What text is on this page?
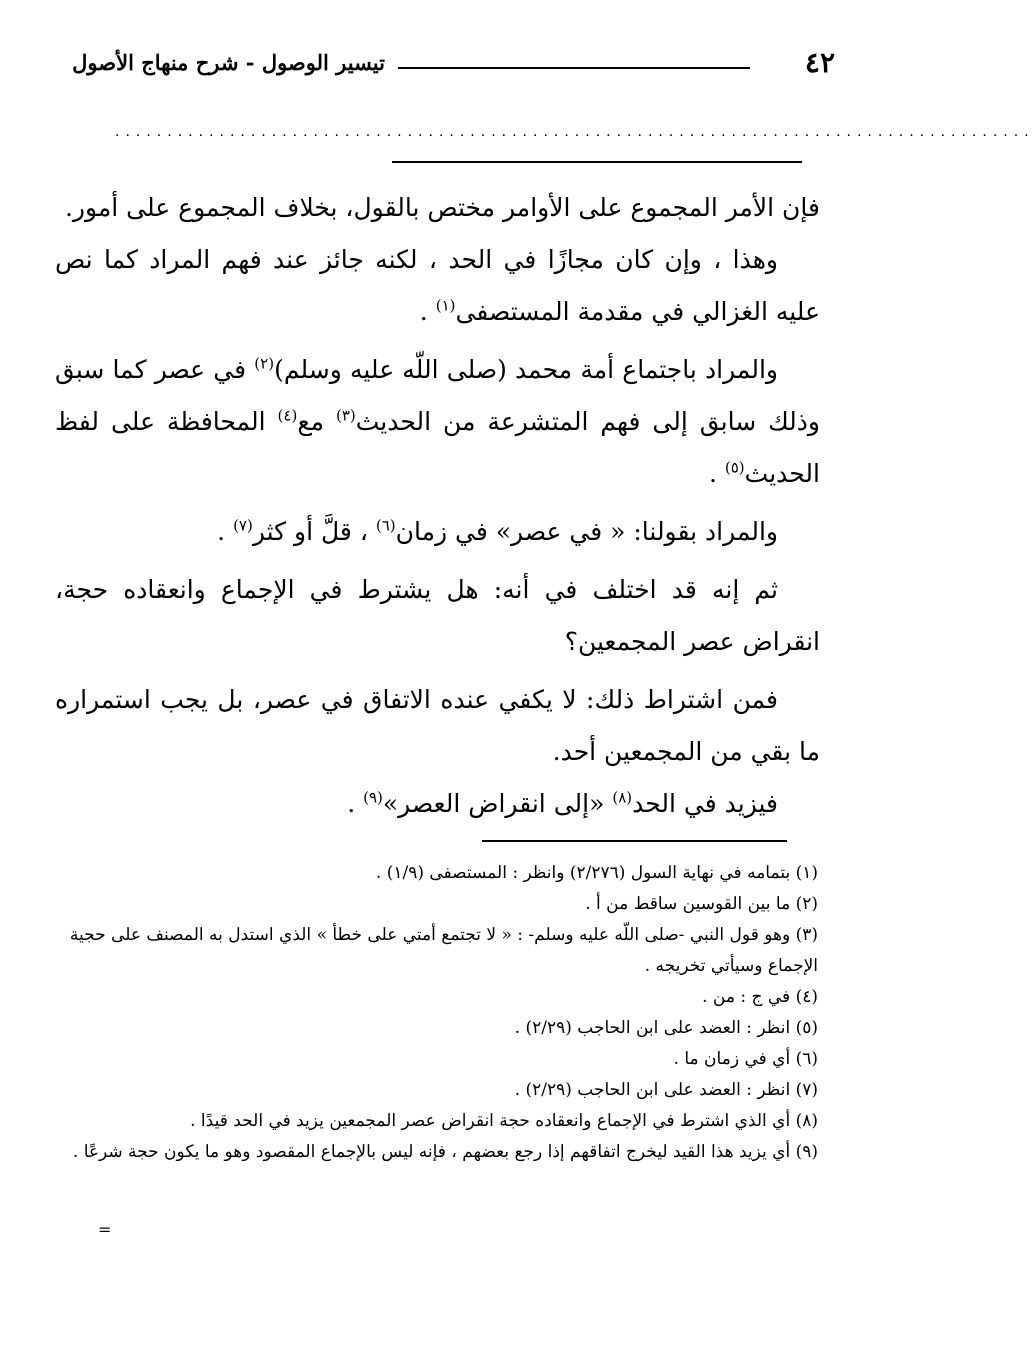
٤٢
تيسير الوصول - شرح منهاج الأصول
........................................................................................

فإن الأمر المجموع على الأوامر مختص بالقول، بخلاف المجموع على أمور.

وهذا ، وإن كان مجازًا في الحد ، لكنه جائز عند فهم المراد كما نص عليه الغزالي في مقدمة المستصفى$^{(١)}$ .

والمراد باجتماع أمة محمد (صلى اللّه عليه وسلم)$^{(٢)}$ في عصر كما سبق وذلك سابق إلى فهم المتشرعة من الحديث$^{(٣)}$ مع$^{(٤)}$ المحافظة على لفظ الحديث$^{(٥)}$ .

والمراد بقولنا: « في عصر» في زمان$^{(٦)}$ ، قلَّ أو كثر$^{(٧)}$ .

ثم إنه قد اختلف في أنه: هل يشترط في الإجماع وانعقاده حجة، انقراض عصر المجمعين؟

فمن اشتراط ذلك: لا يكفي عنده الاتفاق في عصر، بل يجب استمراره ما بقي من المجمعين أحد.

فيزيد في الحد$^{(٨)}$ «إلى انقراض العصر»$^{(٩)}$ .

(١) بتمامه في نهاية السول (٢/٢٧٦) وانظر : المستصفى (١/٩) .

(٢) ما بين القوسين ساقط من أ .

(٣) وهو قول النبي -صلى اللّه عليه وسلم- : « لا تجتمع أمتي على خطأ » الذي استدل به المصنف على حجية الإجماع وسيأتي تخريجه .

(٤) في ج : من .

(٥) انظر : العضد على ابن الحاجب (٢/٢٩) .

(٦) أي في زمان ما .

(٧) انظر : العضد على ابن الحاجب (٢/٢٩) .

(٨) أي الذي اشترط في الإجماع وانعقاده حجة انقراض عصر المجمعين يزيد في الحد قيدًا .

(٩) أي يزيد هذا القيد ليخرج اتفاقهم إذا رجع بعضهم ، فإنه ليس بالإجماع المقصود وهو ما يكون حجة شرعًا .

=
